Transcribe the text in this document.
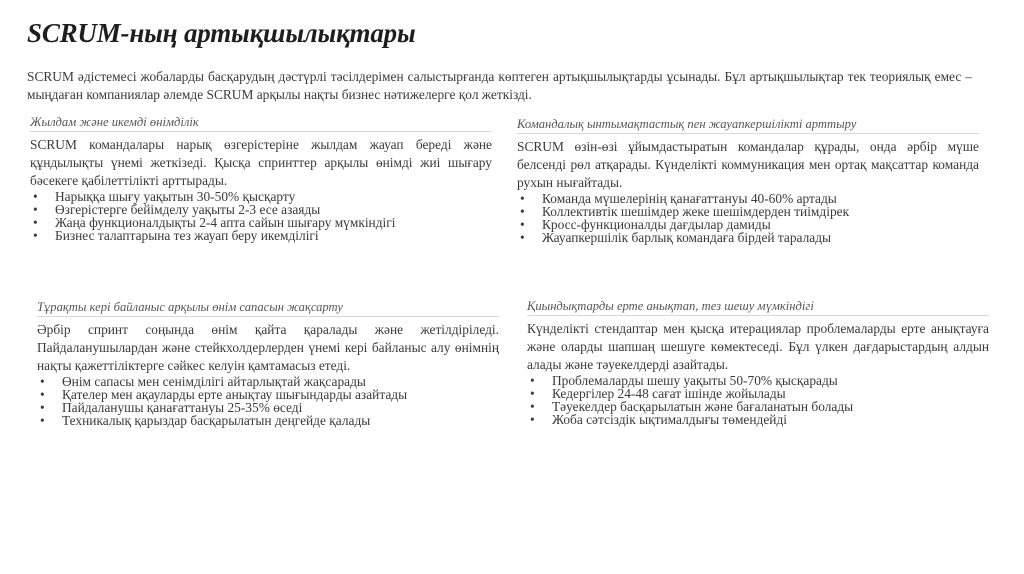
SCRUM-ның артықшылықтары

SCRUM әдістемесі жобаларды басқарудың дәстүрлі тәсілдерімен салыстырғанда көптеген артықшылықтарды ұсынады. Бұл артықшылықтар тек теориялық емес – мыңдаған компаниялар әлемде SCRUM арқылы нақты бизнес нәтижелерге қол жеткізді.

Жылдам және икемді өнімділік

SCRUM командалары нарық өзгерістеріне жылдам жауап береді және құндылықты үнемі жеткізеді. Қысқа спринттер арқылы өнімді жиі шығару бәсекеге қабілеттілікті арттырады.

• Нарыққа шығу уақытын 30-50% қысқарту
• Өзгерістерге бейімделу уақыты 2-3 есе азаяды
• Жаңа функционалдықты 2-4 апта сайын шығару мүмкіндігі
• Бизнес талаптарына тез жауап беру икемділігі
Командалық ынтымақтастық пен жауапкершілікті арттыру

SCRUM өзін-өзі ұйымдастыратын командалар құрады, онда әрбір мүше белсенді рөл атқарады. Күнделікті коммуникация мен ортақ мақсаттар команда рухын нығайтады.

• Команда мүшелерінің қанағаттануы 40-60% артады
• Коллективтік шешімдер жеке шешімдерден тиімдірек
• Кросс-функционалды дағдылар дамиды
• Жауапкершілік барлық командаға бірдей таралады
Тұрақты кері байланыс арқылы өнім сапасын жақсарту

Әрбір спринт соңында өнім қайта қаралады және жетілдіріледі. Пайдаланушылардан және стейкхолдерлерден үнемі кері байланыс алу өнімнің нақты қажеттіліктерге сәйкес келуін қамтамасыз етеді.

• Өнім сапасы мен сенімділігі айтарлықтай жақсарады
• Қателер мен ақауларды ерте анықтау шығындарды азайтады
• Пайдаланушы қанағаттануы 25-35% өседі
• Техникалық қарыздар басқарылатын деңгейде қалады
Қиындықтарды ерте анықтап, тез шешу мүмкіндігі

Күнделікті стендаптар мен қысқа итерациялар проблемаларды ерте анықтауға және оларды шапшаң шешуге көмектеседі. Бұл үлкен дағдарыстардың алдын алады және тәуекелдерді азайтады.

• Проблемаларды шешу уақыты 50-70% қысқарады
• Кедергілер 24-48 сағат ішінде жойылады
• Тәуекелдер басқарылатын және бағаланатын болады
• Жоба сәтсіздік ықтималдығы төмендейді
